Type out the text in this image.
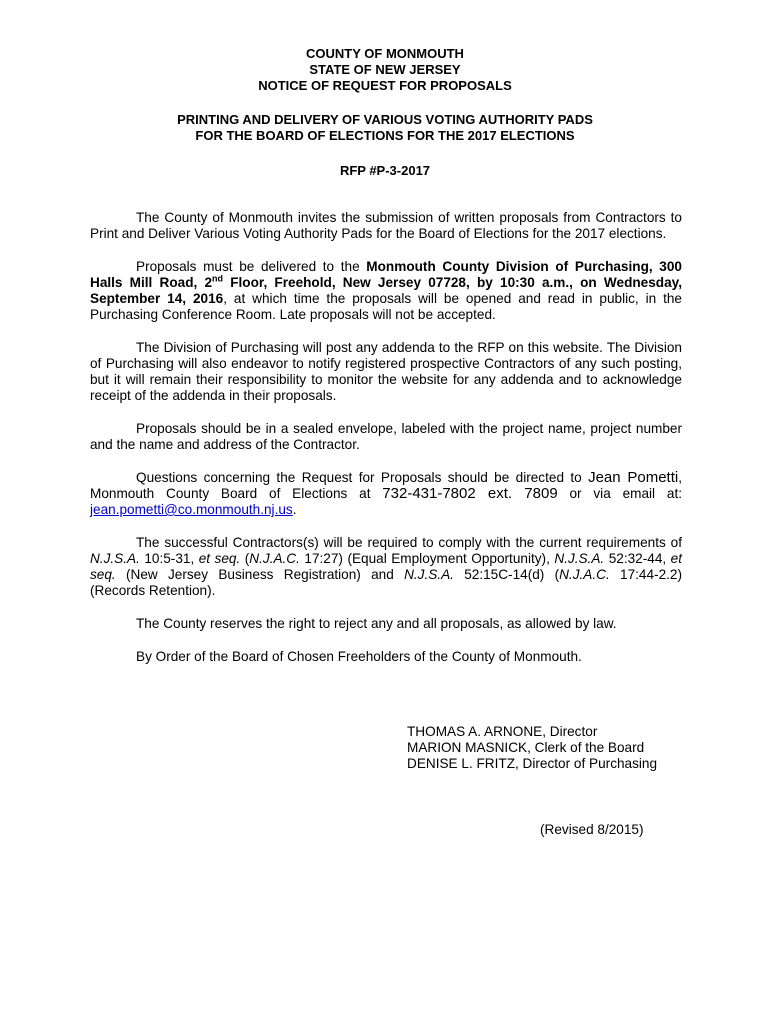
COUNTY OF MONMOUTH
STATE OF NEW JERSEY
NOTICE OF REQUEST FOR PROPOSALS
PRINTING AND DELIVERY OF VARIOUS VOTING AUTHORITY PADS
FOR THE BOARD OF ELECTIONS FOR THE 2017 ELECTIONS
RFP #P-3-2017

The County of Monmouth invites the submission of written proposals from Contractors to Print and Deliver Various Voting Authority Pads for the Board of Elections for the 2017 elections.

Proposals must be delivered to the Monmouth County Division of Purchasing, 300 Halls Mill Road, 2nd Floor, Freehold, New Jersey 07728, by 10:30 a.m., on Wednesday, September 14, 2016, at which time the proposals will be opened and read in public, in the Purchasing Conference Room. Late proposals will not be accepted.

The Division of Purchasing will post any addenda to the RFP on this website. The Division of Purchasing will also endeavor to notify registered prospective Contractors of any such posting, but it will remain their responsibility to monitor the website for any addenda and to acknowledge receipt of the addenda in their proposals.

Proposals should be in a sealed envelope, labeled with the project name, project number and the name and address of the Contractor.

Questions concerning the Request for Proposals should be directed to Jean Pometti, Monmouth County Board of Elections at 732-431-7802 ext. 7809 or via email at: jean.pometti@co.monmouth.nj.us.

The successful Contractors(s) will be required to comply with the current requirements of N.J.S.A. 10:5-31, et seq. (N.J.A.C. 17:27) (Equal Employment Opportunity), N.J.S.A. 52:32-44, et seq. (New Jersey Business Registration) and N.J.S.A. 52:15C-14(d) (N.J.A.C. 17:44-2.2) (Records Retention).

The County reserves the right to reject any and all proposals, as allowed by law.

By Order of the Board of Chosen Freeholders of the County of Monmouth.

THOMAS A. ARNONE, Director
MARION MASNICK, Clerk of the Board
DENISE L. FRITZ, Director of Purchasing
(Revised 8/2015)
